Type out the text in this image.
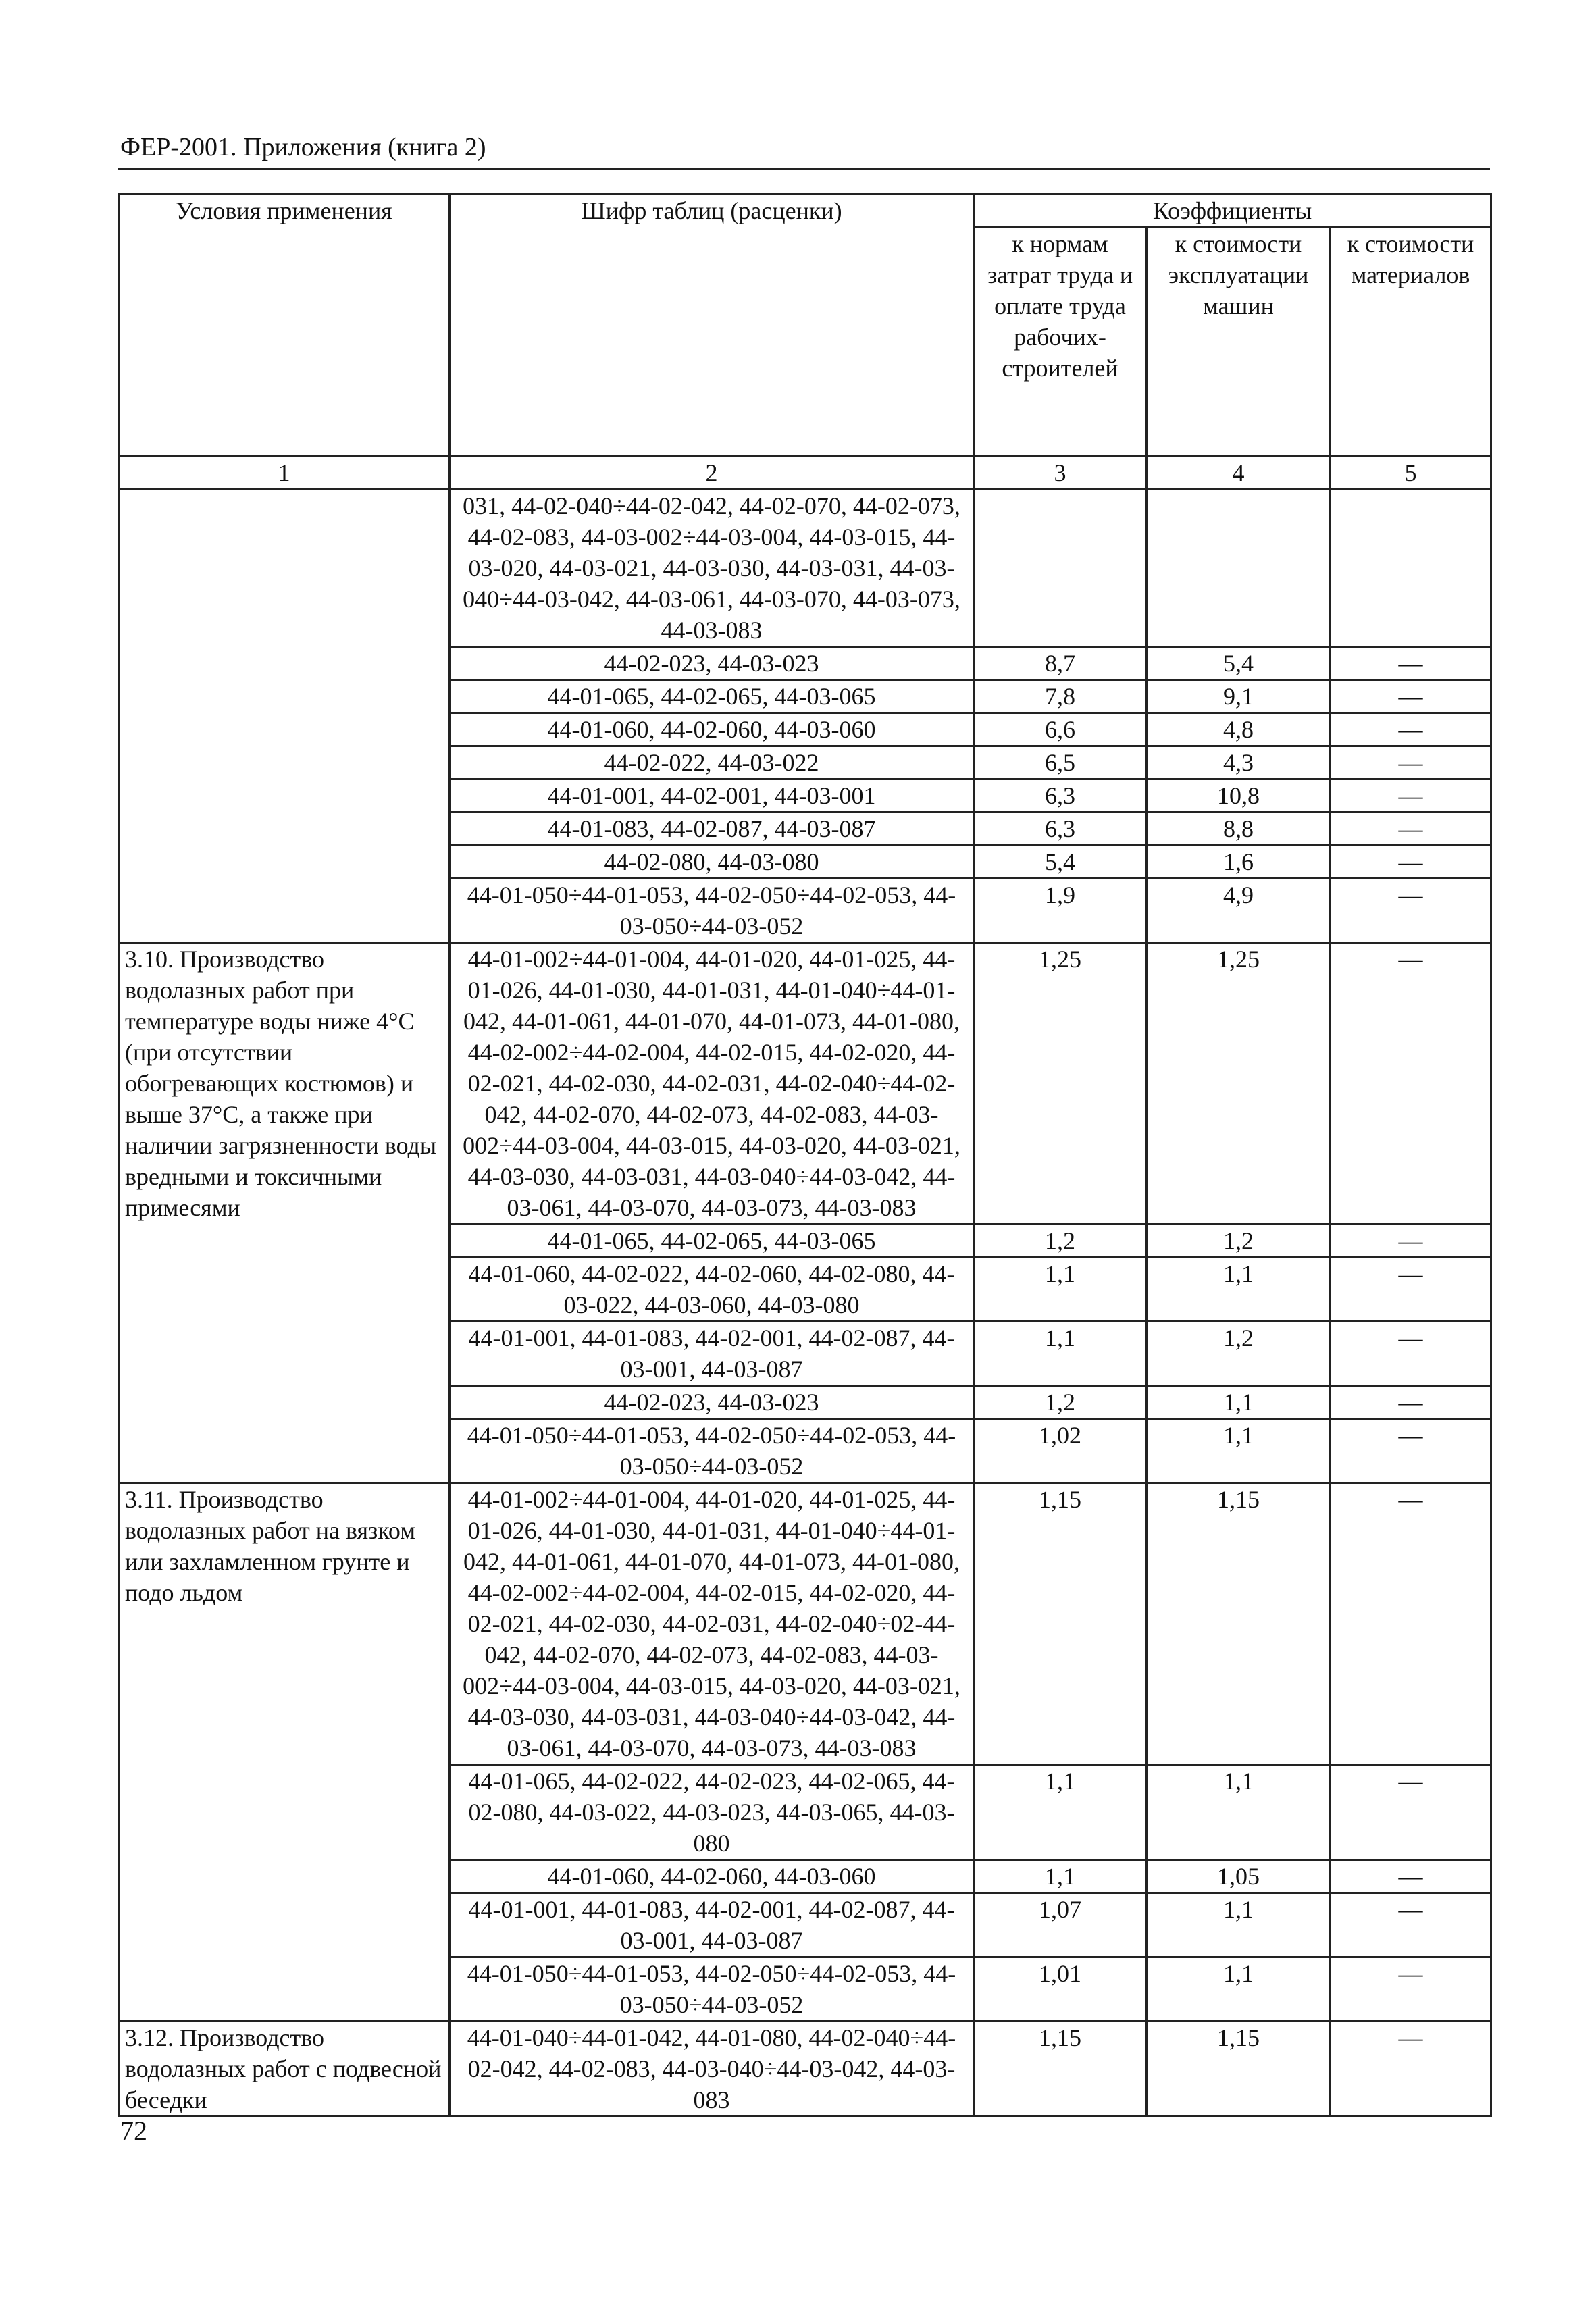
ФЕР-2001. Приложения (книга 2)
Условия применения	Шифр таблиц (расценки)	Коэффициенты		
		к нормам затрат труда и оплате труда рабочих-строителей	к стоимости эксплуатации машин	к стоимости материалов
1	2	3	4	5
	031, 44-02-040÷44-02-042, 44-02-070, 44-02-073, 44-02-083, 44-03-002÷44-03-004, 44-03-015, 44-03-020, 44-03-021, 44-03-030, 44-03-031, 44-03-040÷44-03-042, 44-03-061, 44-03-070, 44-03-073, 44-03-083			
	44-02-023, 44-03-023	8,7	5,4	—
	44-01-065, 44-02-065, 44-03-065	7,8	9,1	—
	44-01-060, 44-02-060, 44-03-060	6,6	4,8	—
	44-02-022, 44-03-022	6,5	4,3	—
	44-01-001, 44-02-001, 44-03-001	6,3	10,8	—
	44-01-083, 44-02-087, 44-03-087	6,3	8,8	—
	44-02-080, 44-03-080	5,4	1,6	—
	44-01-050÷44-01-053, 44-02-050÷44-02-053, 44-03-050÷44-03-052	1,9	4,9	—
3.10. Производство водолазных работ при температуре воды ниже 4°С (при отсутствии обогревающих костюмов) и выше 37°С, а также при наличии загрязненности воды вредными и токсичными примесями	44-01-002÷44-01-004, 44-01-020, 44-01-025, 44-01-026, 44-01-030, 44-01-031, 44-01-040÷44-01-042, 44-01-061, 44-01-070, 44-01-073, 44-01-080, 44-02-002÷44-02-004, 44-02-015, 44-02-020, 44-02-021, 44-02-030, 44-02-031, 44-02-040÷44-02-042, 44-02-070, 44-02-073, 44-02-083, 44-03-002÷44-03-004, 44-03-015, 44-03-020, 44-03-021, 44-03-030, 44-03-031, 44-03-040÷44-03-042, 44-03-061, 44-03-070, 44-03-073, 44-03-083	1,25	1,25	—
	44-01-065, 44-02-065, 44-03-065	1,2	1,2	—
	44-01-060, 44-02-022, 44-02-060, 44-02-080, 44-03-022, 44-03-060, 44-03-080	1,1	1,1	—
	44-01-001, 44-01-083, 44-02-001, 44-02-087, 44-03-001, 44-03-087	1,1	1,2	—
	44-02-023, 44-03-023	1,2	1,1	—
	44-01-050÷44-01-053, 44-02-050÷44-02-053, 44-03-050÷44-03-052	1,02	1,1	—
3.11. Производство водолазных работ на вязком или захламленном грунте и подо льдом	44-01-002÷44-01-004, 44-01-020, 44-01-025, 44-01-026, 44-01-030, 44-01-031, 44-01-040÷44-01-042, 44-01-061, 44-01-070, 44-01-073, 44-01-080, 44-02-002÷44-02-004, 44-02-015, 44-02-020, 44-02-021, 44-02-030, 44-02-031, 44-02-040÷02-44-042, 44-02-070, 44-02-073, 44-02-083, 44-03-002÷44-03-004, 44-03-015, 44-03-020, 44-03-021, 44-03-030, 44-03-031, 44-03-040÷44-03-042, 44-03-061, 44-03-070, 44-03-073, 44-03-083	1,15	1,15	—
	44-01-065, 44-02-022, 44-02-023, 44-02-065, 44-02-080, 44-03-022, 44-03-023, 44-03-065, 44-03-080	1,1	1,1	—
	44-01-060, 44-02-060, 44-03-060	1,1	1,05	—
	44-01-001, 44-01-083, 44-02-001, 44-02-087, 44-03-001, 44-03-087	1,07	1,1	—
	44-01-050÷44-01-053, 44-02-050÷44-02-053, 44-03-050÷44-03-052	1,01	1,1	—
3.12. Производство водолазных работ с подвесной беседки	44-01-040÷44-01-042, 44-01-080, 44-02-040÷44-02-042, 44-02-083, 44-03-040÷44-03-042, 44-03-083	1,15	1,15	—
72
